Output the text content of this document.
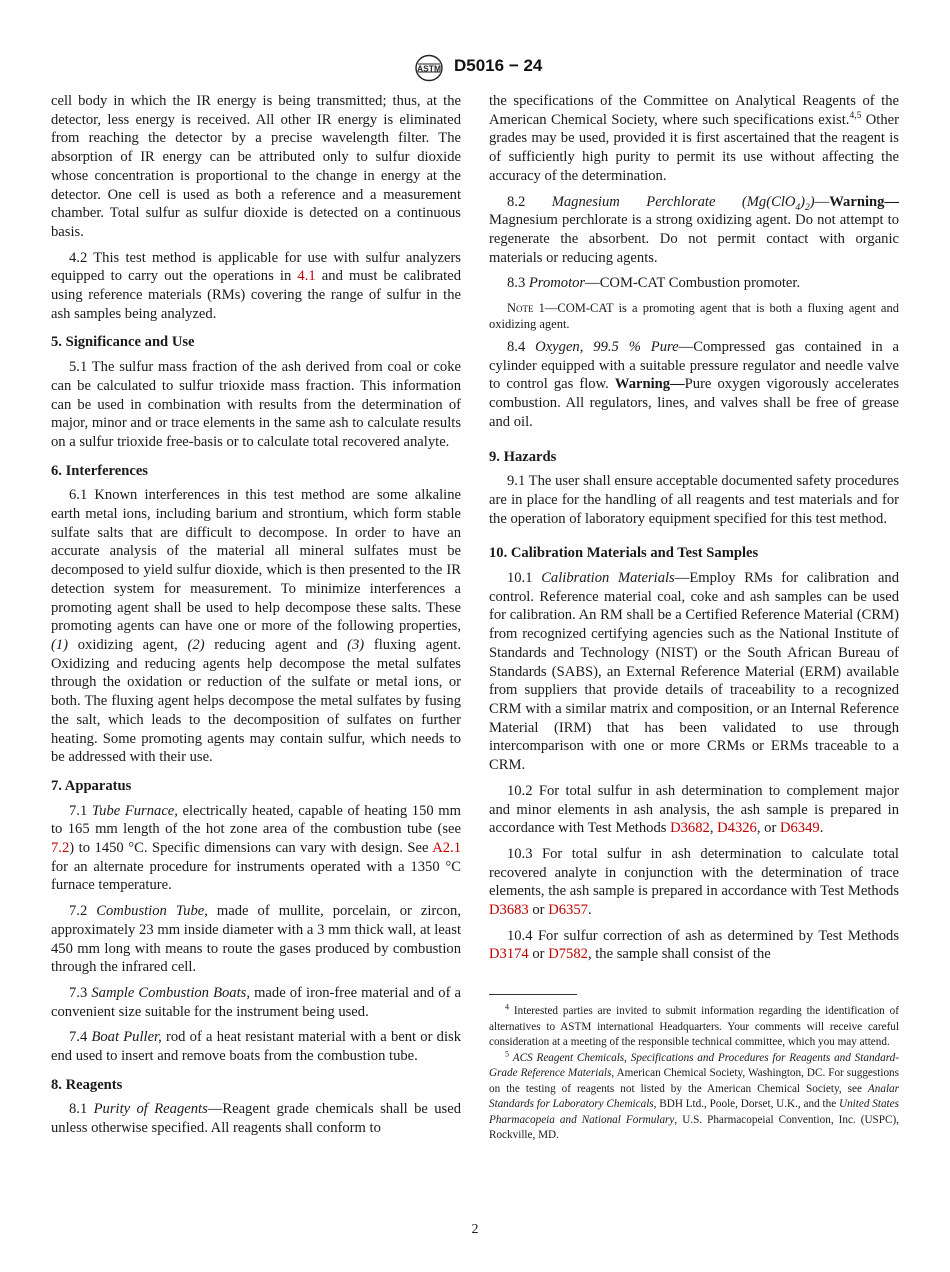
ASTM D5016 − 24

cell body in which the IR energy is being transmitted; thus, at the detector, less energy is received. All other IR energy is eliminated from reaching the detector by a precise wavelength filter. The absorption of IR energy can be attributed only to sulfur dioxide whose concentration is proportional to the change in energy at the detector. One cell is used as both a reference and a measurement chamber. Total sulfur as sulfur dioxide is detected on a continuous basis.

4.2 This test method is applicable for use with sulfur analyzers equipped to carry out the operations in 4.1 and must be calibrated using reference materials (RMs) covering the range of sulfur in the ash samples being analyzed.

5. Significance and Use

5.1 The sulfur mass fraction of the ash derived from coal or coke can be calculated to sulfur trioxide mass fraction. This information can be used in combination with results from the determination of major, minor and or trace elements in the same ash to calculate results on a sulfur trioxide free-basis or to calculate total recovered analyte.

6. Interferences

6.1 Known interferences in this test method are some alkaline earth metal ions, including barium and strontium, which form stable sulfate salts that are difficult to decompose. In order to have an accurate analysis of the material all mineral sulfates must be decomposed to yield sulfur dioxide, which is then presented to the IR detection system for measurement. To minimize interferences a promoting agent shall be used to help decompose these salts. These promoting agents can have one or more of the following properties, (1) oxidizing agent, (2) reducing agent and (3) fluxing agent. Oxidizing and reducing agents help decompose the metal sulfates through the oxidation or reduction of the sulfate or metal ions, or both. The fluxing agent helps decompose the metal sulfates by fusing the salt, which leads to the decomposition of sulfates on further heating. Some promoting agents may contain sulfur, which needs to be addressed with their use.

7. Apparatus

7.1 Tube Furnace, electrically heated, capable of heating 150 mm to 165 mm length of the hot zone area of the combustion tube (see 7.2) to 1450 °C. Specific dimensions can vary with design. See A2.1 for an alternate procedure for instruments operated with a 1350 °C furnace temperature.

7.2 Combustion Tube, made of mullite, porcelain, or zircon, approximately 23 mm inside diameter with a 3 mm thick wall, at least 450 mm long with means to route the gases produced by combustion through the infrared cell.

7.3 Sample Combustion Boats, made of iron-free material and of a convenient size suitable for the instrument being used.

7.4 Boat Puller, rod of a heat resistant material with a bent or disk end used to insert and remove boats from the combustion tube.

8. Reagents

8.1 Purity of Reagents—Reagent grade chemicals shall be used unless otherwise specified. All reagents shall conform to

the specifications of the Committee on Analytical Reagents of the American Chemical Society, where such specifications exist.$^{4,5}$ Other grades may be used, provided it is first ascertained that the reagent is of sufficiently high purity to permit its use without affecting the accuracy of the determination.

8.2 Magnesium Perchlorate $(Mg(ClO_4)_2)—Warning—Magnesium$ perchlorate is a strong oxidizing agent. Do not attempt to regenerate the absorbent. Do not permit contact with organic materials or reducing agents.

8.3 Promotor—COM-CAT Combustion promoter.

Note 1—COM-CAT is a promoting agent that is both a fluxing agent and oxidizing agent.

8.4 Oxygen, 99.5 % Pure—Compressed gas contained in a cylinder equipped with a suitable pressure regulator and needle valve to control gas flow. Warning—Pure oxygen vigorously accelerates combustion. All regulators, lines, and valves shall be free of grease and oil.

9. Hazards

9.1 The user shall ensure acceptable documented safety procedures are in place for the handling of all reagents and test materials and for the operation of laboratory equipment specified for this test method.

10. Calibration Materials and Test Samples

10.1 Calibration Materials—Employ RMs for calibration and control. Reference material coal, coke and ash samples can be used for calibration. An RM shall be a Certified Reference Material (CRM) from recognized certifying agencies such as the National Institute of Standards and Technology (NIST) or the South African Bureau of Standards (SABS), an External Reference Material (ERM) available from suppliers that provide details of traceability to a recognized CRM with a similar matrix and composition, or an Internal Reference Material (IRM) that has been validated to use through intercomparison with one or more CRMs or ERMs traceable to a CRM.

10.2 For total sulfur in ash determination to complement major and minor elements in ash analysis, the ash sample is prepared in accordance with Test Methods D3682, D4326, or D6349.

10.3 For total sulfur in ash determination to calculate total recovered analyte in conjunction with the determination of trace elements, the ash sample is prepared in accordance with Test Methods D3683 or D6357.

10.4 For sulfur correction of ash as determined by Test Methods D3174 or D7582, the sample shall consist of the

$^4$ Interested parties are invited to submit information regarding the identification of alternatives to ASTM international Headquarters. Your comments will receive careful consideration at a meeting of the responsible technical committee, which you may attend.

$^5$ ACS Reagent Chemicals, Specifications and Procedures for Reagents and Standard-Grade Reference Materials, American Chemical Society, Washington, DC. For suggestions on the testing of reagents not listed by the American Chemical Society, see Analar Standards for Laboratory Chemicals, BDH Ltd., Poole, Dorset, U.K., and the United States Pharmacopeia and National Formulary, U.S. Pharmacopeial Convention, Inc. (USPC), Rockville, MD.

2
